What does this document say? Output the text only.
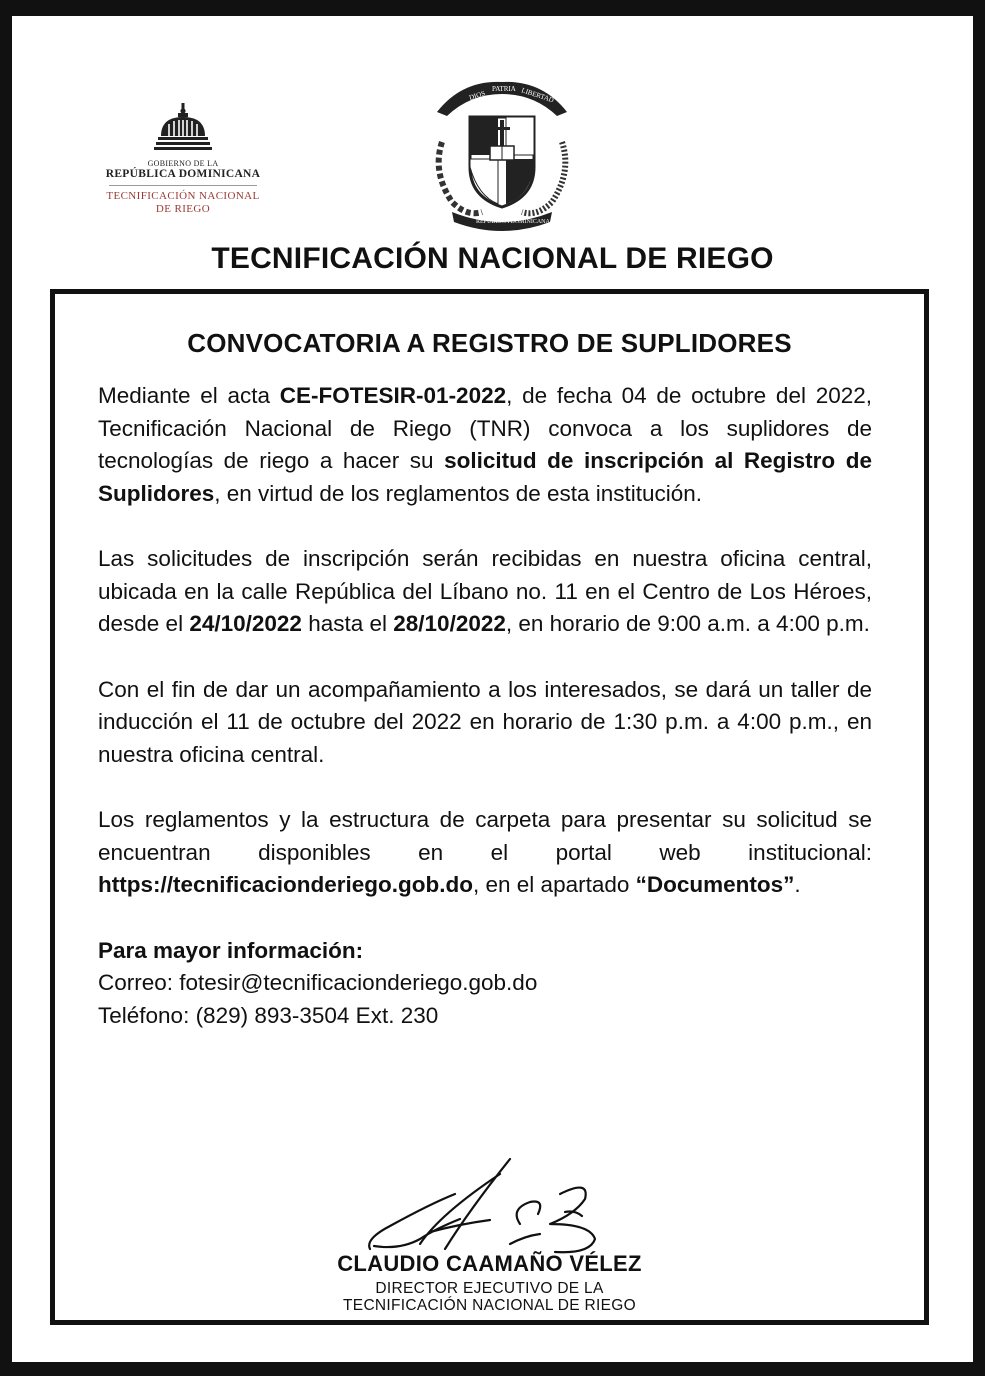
GOBIERNO DE LA
REPÚBLICA DOMINICANA
TECNIFICACIÓN NACIONAL
DE RIEGO
DIOS
PATRIA LIBERTAD
REPÚBLICA DOMINICANA
TECNIFICACIÓN NACIONAL DE RIEGO
CONVOCATORIA A REGISTRO DE SUPLIDORES

Mediante el acta CE-FOTESIR-01-2022, de fecha 04 de octubre del 2022, Tecnificación Nacional de Riego (TNR) convoca a los suplidores de tecnologías de riego a hacer su solicitud de inscripción al Registro de Suplidores, en virtud de los reglamentos de esta institución.

Las solicitudes de inscripción serán recibidas en nuestra oficina central, ubicada en la calle República del Líbano no. 11 en el Centro de Los Héroes, desde el 24/10/2022 hasta el 28/10/2022, en horario de 9:00 a.m. a 4:00 p.m.

Con el fin de dar un acompañamiento a los interesados, se dará un taller de inducción el 11 de octubre del 2022 en horario de 1:30 p.m. a 4:00 p.m., en nuestra oficina central.

Los reglamentos y la estructura de carpeta para presentar su solicitud se encuentran disponibles en el portal web institucional: https://tecnificacionderiego.gob.do, en el apartado “Documentos”.

Para mayor información:

Correo: fotesir@tecnificacionderiego.gob.do

Teléfono: (829) 893-3504 Ext. 230

CLAUDIO CAAMAÑO VÉLEZ
DIRECTOR EJECUTIVO DE LA
TECNIFICACIÓN NACIONAL DE RIEGO
